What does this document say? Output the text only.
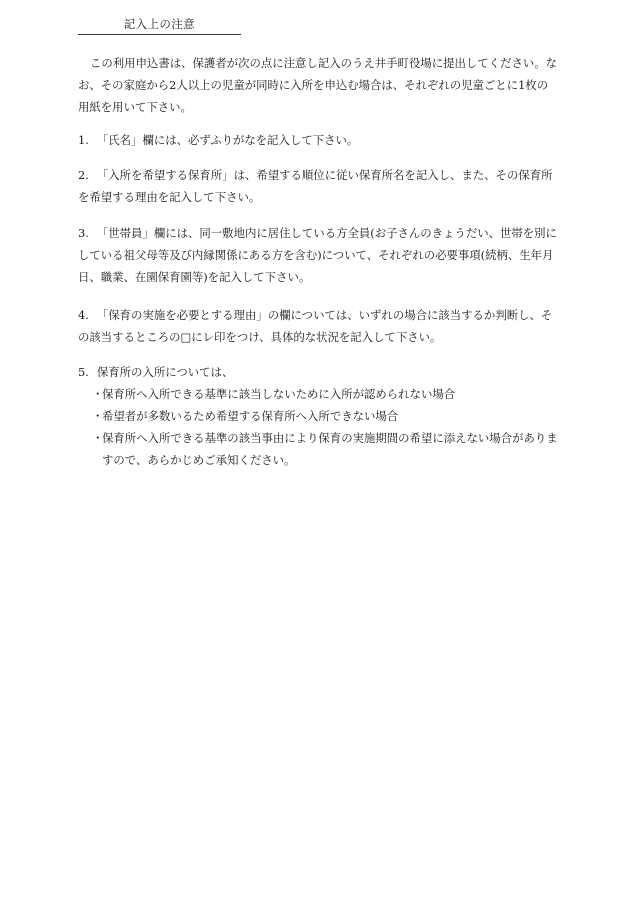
記入上の注意
この利用申込書は、保護者が次の点に注意し記入のうえ井手町役場に提出してください。なお、その家庭から2人以上の児童が同時に入所を申込む場合は、それぞれの児童ごとに1枚の用紙を用いて下さい。
1. 「氏名」欄には、必ずふりがなを記入して下さい。
2. 「入所を希望する保育所」は、希望する順位に従い保育所名を記入し、また、その保育所を希望する理由を記入して下さい。
3. 「世帯員」欄には、同一敷地内に居住している方全員(お子さんのきょうだい、世帯を別にしている祖父母等及び内縁関係にある方を含む)について、それぞれの必要事項(続柄、生年月日、職業、在園保育園等)を記入して下さい。
4. 「保育の実施を必要とする理由」の欄については、いずれの場合に該当するか判断し、その該当するところの□にレ印をつけ、具体的な状況を記入して下さい。
5. 保育所の入所については、
・
保育所へ入所できる基準に該当しないために入所が認められない場合
・
希望者が多数いるため希望する保育所へ入所できない場合
・
保育所へ入所できる基準の該当事由により保育の実施期間の希望に添えない場合がありますので、あらかじめご承知ください。
